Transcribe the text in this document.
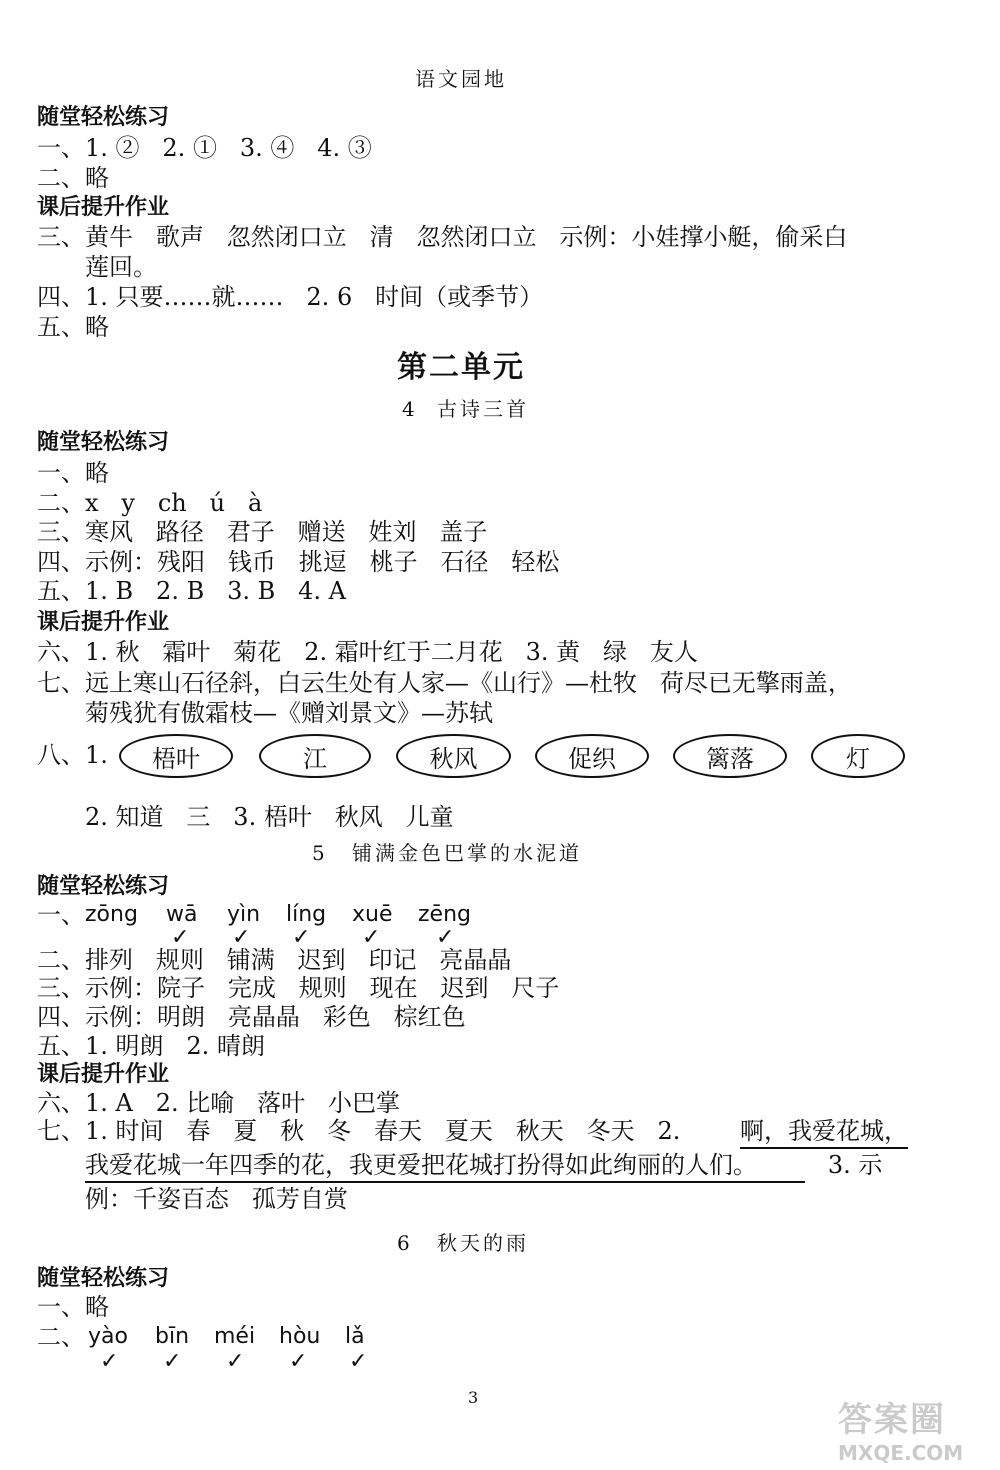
语文园地
随堂轻松练习
一、1. ②   2. ①   3. ④   4. ③
二、略
课后提升作业
三、黄牛   歌声   忽然闭口立   清   忽然闭口立   示例：小娃撑小艇，偷采白
莲回。
四、1. 只要……就……   2. 6   时间（或季节）
五、略
第二单元
4 古诗三首
随堂轻松练习
一、略
二、x   y   ch   ú   à
三、寒风   路径   君子   赠送   姓刘   盖子
四、示例：残阳   钱币   挑逗   桃子   石径   轻松
五、1. B   2. B   3. B   4. A
课后提升作业
六、1. 秋   霜叶   菊花   2. 霜叶红于二月花   3. 黄   绿   友人
七、远上寒山石径斜，白云生处有人家—《山行》—杜牧   荷尽已无擎雨盖，
菊残犹有傲霜枝—《赠刘景文》—苏轼
八、1.	梧叶	江	秋风	促织	篱落	灯
2. 知道   三   3. 梧叶   秋风   儿童
5 铺满金色巴掌的水泥道
随堂轻松练习
一、 zōng wā yìn líng xuē zēng
✓ ✓ ✓ ✓	✓
二、排列   规则   铺满   迟到   印记   亮晶晶
三、示例：院子   完成   规则   现在   迟到   尺子
四、示例：明朗   亮晶晶   彩色   棕红色
五、1. 明朗   2. 晴朗
课后提升作业
六、1. A   2. 比喻   落叶   小巴掌
七、1. 时间   春   夏   秋   冬   春天   夏天   秋天   冬天   2. 啊，我爱花城，
我爱花城一年四季的花，我更爱把花城打扮得如此绚丽的人们。 3. 示
例：千姿百态   孤芳自赏
6 秋天的雨
随堂轻松练习
一、略
二、 yào bīn méi hòu lǎ
✓ ✓ ✓ ✓ ✓
3
答案圈
MXQE.COM
